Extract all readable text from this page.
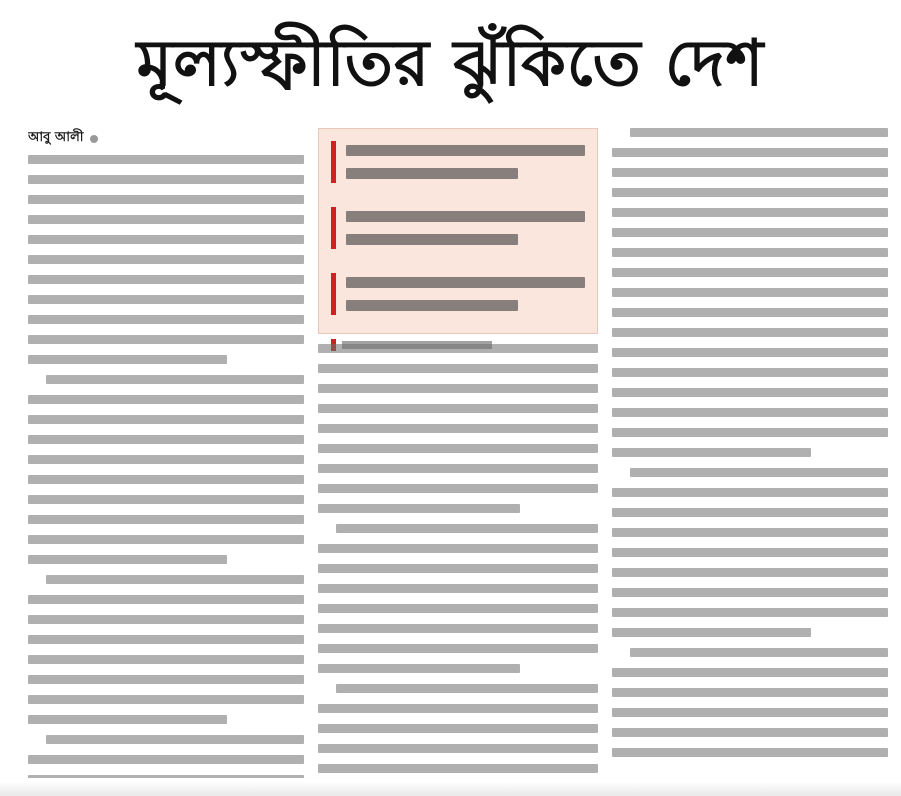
মূল্যস্ফীতির ঝুঁকিতে দেশ
আবু আলী
